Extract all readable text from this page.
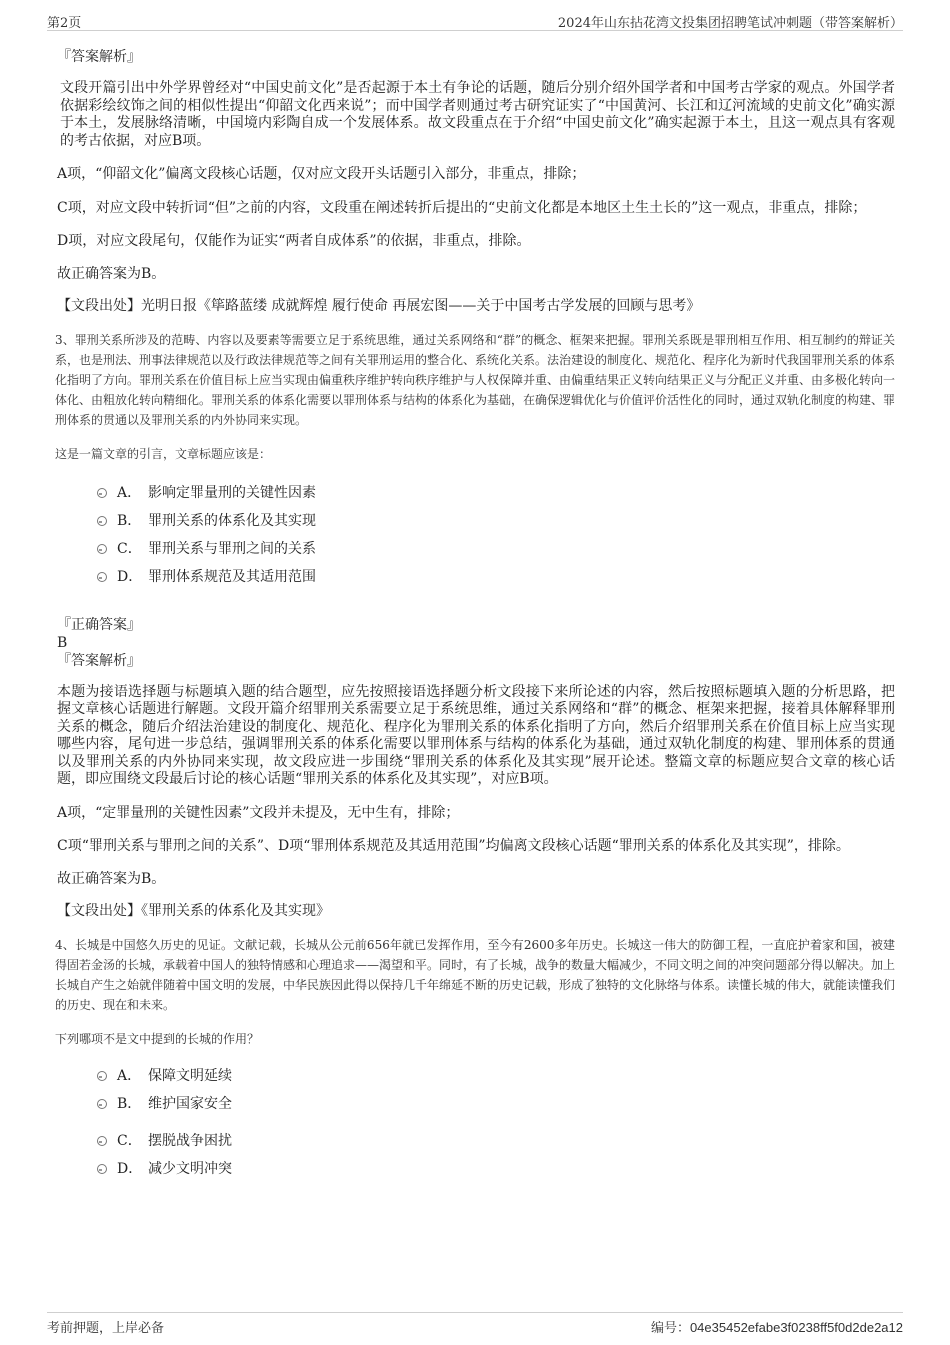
第2页	2024年山东拈花湾文投集团招聘笔试冲刺题（带答案解析）
『答案解析』
文段开篇引出中外学界曾经对“中国史前文化”是否起源于本土有争论的话题，随后分别介绍外国学者和中国考古学家的观点。外国学者依据彩绘纹饰之间的相似性提出“仰韶文化西来说”；而中国学者则通过考古研究证实了“中国黄河、长江和辽河流域的史前文化”确实源于本土，发展脉络清晰，中国境内彩陶自成一个发展体系。故文段重点在于介绍“中国史前文化”确实起源于本土，且这一观点具有客观的考古依据，对应B项。
A项，“仰韶文化”偏离文段核心话题，仅对应文段开头话题引入部分，非重点，排除；
C项，对应文段中转折词“但”之前的内容，文段重在阐述转折后提出的“史前文化都是本地区土生土长的”这一观点，非重点，排除；
D项，对应文段尾句，仅能作为证实“两者自成体系”的依据，非重点，排除。
故正确答案为B。
【文段出处】光明日报《筚路蓝缕 成就辉煌 履行使命 再展宏图——关于中国考古学发展的回顾与思考》
3、罪刑关系所涉及的范畴、内容以及要素等需要立足于系统思维，通过关系网络和“群”的概念、框架来把握。罪刑关系既是罪刑相互作用、相互制约的辩证关系，也是刑法、刑事法律规范以及行政法律规范等之间有关罪刑运用的整合化、系统化关系。法治建设的制度化、规范化、程序化为新时代我国罪刑关系的体系化指明了方向。罪刑关系在价值目标上应当实现由偏重秩序维护转向秩序维护与人权保障并重、由偏重结果正义转向结果正义与分配正义并重、由多极化转向一体化、由粗放化转向精细化。罪刑关系的体系化需要以罪刑体系与结构的体系化为基础，在确保逻辑优化与价值评价活性化的同时，通过双轨化制度的构建、罪刑体系的贯通以及罪刑关系的内外协同来实现。
这是一篇文章的引言，文章标题应该是：
A． 影响定罪量刑的关键性因素
B． 罪刑关系的体系化及其实现
C． 罪刑关系与罪刑之间的关系
D． 罪刑体系规范及其适用范围
『正确答案』
B
『答案解析』
本题为接语选择题与标题填入题的结合题型，应先按照接语选择题分析文段接下来所论述的内容，然后按照标题填入题的分析思路，把握文章核心话题进行解题。文段开篇介绍罪刑关系需要立足于系统思维，通过关系网络和“群”的概念、框架来把握，接着具体解释罪刑关系的概念，随后介绍法治建设的制度化、规范化、程序化为罪刑关系的体系化指明了方向，然后介绍罪刑关系在价值目标上应当实现哪些内容，尾句进一步总结，强调罪刑关系的体系化需要以罪刑体系与结构的体系化为基础，通过双轨化制度的构建、罪刑体系的贯通以及罪刑关系的内外协同来实现，故文段应进一步围绕“罪刑关系的体系化及其实现”展开论述。整篇文章的标题应契合文章的核心话题，即应围绕文段最后讨论的核心话题“罪刑关系的体系化及其实现”，对应B项。
A项，“定罪量刑的关键性因素”文段并未提及，无中生有，排除；
C项“罪刑关系与罪刑之间的关系”、D项“罪刑体系规范及其适用范围”均偏离文段核心话题“罪刑关系的体系化及其实现”，排除。
故正确答案为B。
【文段出处】《罪刑关系的体系化及其实现》
4、长城是中国悠久历史的见证。文献记载，长城从公元前656年就已发挥作用，至今有2600多年历史。长城这一伟大的防御工程，一直庇护着家和国，被建得固若金汤的长城，承载着中国人的独特情感和心理追求——渴望和平。同时，有了长城，战争的数量大幅减少，不同文明之间的冲突问题部分得以解决。加上长城自产生之始就伴随着中国文明的发展，中华民族因此得以保持几千年绵延不断的历史记载，形成了独特的文化脉络与体系。读懂长城的伟大，就能读懂我们的历史、现在和未来。
下列哪项不是文中提到的长城的作用？
A． 保障文明延续
B． 维护国家安全
C． 摆脱战争困扰
D． 减少文明冲突
考前押题，上岸必备	编号：04e35452efabe3f0238ff5f0d2de2a12
